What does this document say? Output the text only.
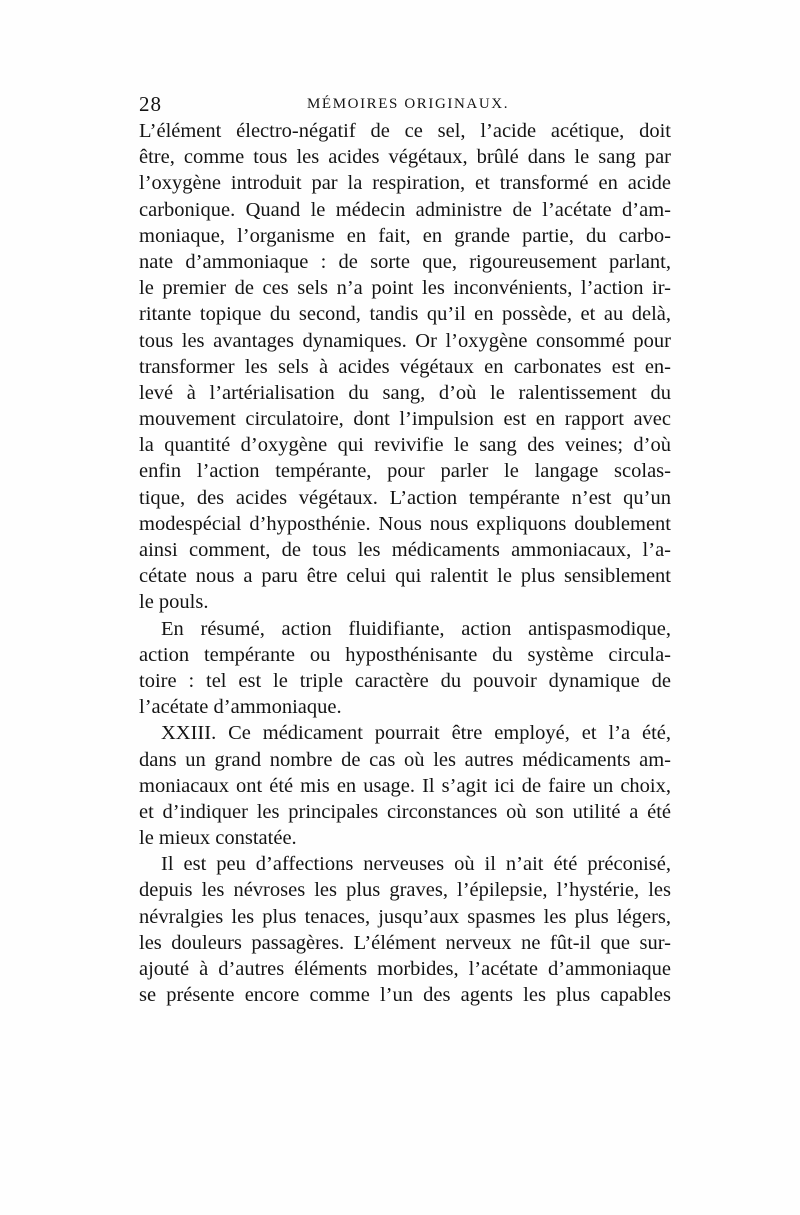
28	MÉMOIRES ORIGINAUX.
L’élément électro-négatif de ce sel, l’acide acétique, doit
être, comme tous les acides végétaux, brûlé dans le sang par
l’oxygène introduit par la respiration, et transformé en acide
carbonique. Quand le médecin administre de l’acétate d’am-
moniaque, l’organisme en fait, en grande partie, du carbo-
nate d’ammoniaque : de sorte que, rigoureusement parlant,
le premier de ces sels n’a point les inconvénients, l’action ir-
ritante topique du second, tandis qu’il en possède, et au delà,
tous les avantages dynamiques. Or l’oxygène consommé pour
transformer les sels à acides végétaux en carbonates est en-
levé à l’artérialisation du sang, d’où le ralentissement du
mouvement circulatoire, dont l’impulsion est en rapport avec
la quantité d’oxygène qui revivifie le sang des veines; d’où
enfin l’action tempérante, pour parler le langage scolas-
tique, des acides végétaux. L’action tempérante n’est qu’un
modespécial d’hyposthénie. Nous nous expliquons doublement
ainsi comment, de tous les médicaments ammoniacaux, l’a-
cétate nous a paru être celui qui ralentit le plus sensiblement
le pouls.
En résumé, action fluidifiante, action antispasmodique,
action tempérante ou hyposthénisante du système circula-
toire : tel est le triple caractère du pouvoir dynamique de
l’acétate d’ammoniaque.
XXIII. Ce médicament pourrait être employé, et l’a été,
dans un grand nombre de cas où les autres médicaments am-
moniacaux ont été mis en usage. Il s’agit ici de faire un choix,
et d’indiquer les principales circonstances où son utilité a été
le mieux constatée.
Il est peu d’affections nerveuses où il n’ait été préconisé,
depuis les névroses les plus graves, l’épilepsie, l’hystérie, les
névralgies les plus tenaces, jusqu’aux spasmes les plus légers,
les douleurs passagères. L’élément nerveux ne fût-il que sur-
ajouté à d’autres éléments morbides, l’acétate d’ammoniaque
se présente encore comme l’un des agents les plus capables
